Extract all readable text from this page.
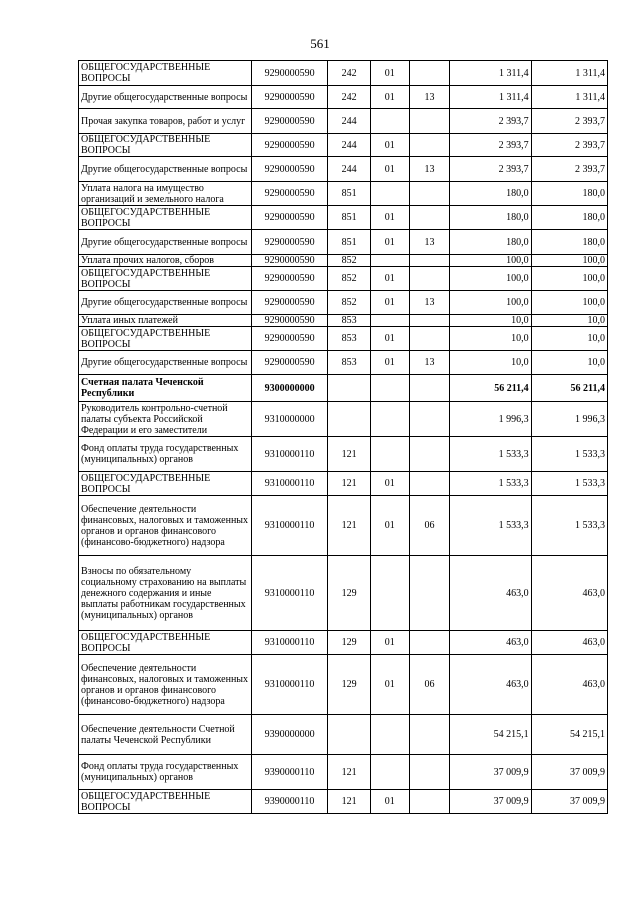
561
ОБЩЕГОСУДАРСТВЕННЫЕ ВОПРОСЫ	9290000590	242	01		1 311,4	1 311,4
Другие общегосударственные вопросы	9290000590	242	01	13	1 311,4	1 311,4
Прочая закупка товаров, работ и услуг	9290000590	244			2 393,7	2 393,7
ОБЩЕГОСУДАРСТВЕННЫЕ ВОПРОСЫ	9290000590	244	01		2 393,7	2 393,7
Другие общегосударственные вопросы	9290000590	244	01	13	2 393,7	2 393,7
Уплата налога на имущество организаций и земельного налога	9290000590	851			180,0	180,0
ОБЩЕГОСУДАРСТВЕННЫЕ ВОПРОСЫ	9290000590	851	01		180,0	180,0
Другие общегосударственные вопросы	9290000590	851	01	13	180,0	180,0
Уплата прочих налогов, сборов	9290000590	852			100,0	100,0
ОБЩЕГОСУДАРСТВЕННЫЕ ВОПРОСЫ	9290000590	852	01		100,0	100,0
Другие общегосударственные вопросы	9290000590	852	01	13	100,0	100,0
Уплата иных платежей	9290000590	853			10,0	10,0
ОБЩЕГОСУДАРСТВЕННЫЕ ВОПРОСЫ	9290000590	853	01		10,0	10,0
Другие общегосударственные вопросы	9290000590	853	01	13	10,0	10,0
Счетная палата Чеченской Республики	9300000000				56 211,4	56 211,4
Руководитель контрольно-счетной палаты субъекта Российской Федерации и его заместители	9310000000				1 996,3	1 996,3
Фонд оплаты труда государственных (муниципальных) органов	9310000110	121			1 533,3	1 533,3
ОБЩЕГОСУДАРСТВЕННЫЕ ВОПРОСЫ	9310000110	121	01		1 533,3	1 533,3
Обеспечение деятельности финансовых, налоговых и таможенных органов и органов финансового (финансово-бюджетного) надзора	9310000110	121	01	06	1 533,3	1 533,3
Взносы по обязательному социальному страхованию на выплаты денежного содержания и иные выплаты работникам государственных (муниципальных) органов	9310000110	129			463,0	463,0
ОБЩЕГОСУДАРСТВЕННЫЕ ВОПРОСЫ	9310000110	129	01		463,0	463,0
Обеспечение деятельности финансовых, налоговых и таможенных органов и органов финансового (финансово-бюджетного) надзора	9310000110	129	01	06	463,0	463,0
Обеспечение деятельности Счетной палаты Чеченской Республики	9390000000				54 215,1	54 215,1
Фонд оплаты труда государственных (муниципальных) органов	9390000110	121			37 009,9	37 009,9
ОБЩЕГОСУДАРСТВЕННЫЕ ВОПРОСЫ	9390000110	121	01		37 009,9	37 009,9
